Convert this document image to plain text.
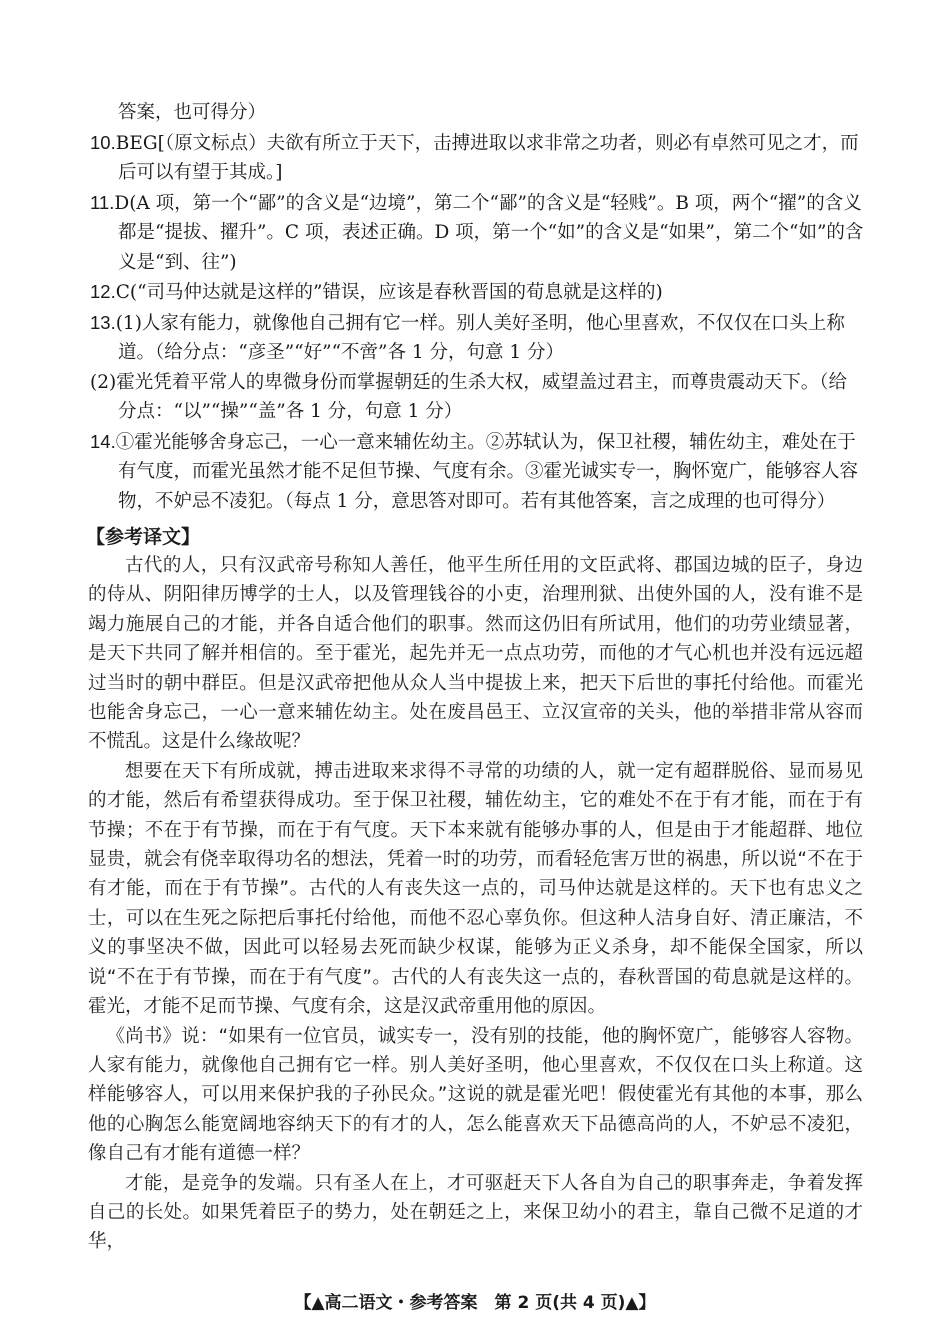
答案，也可得分）

10.BEG[（原文标点）夫欲有所立于天下，击搏进取以求非常之功者，则必有卓然可见之才，而后可以有望于其成。]

11.D(A 项，第一个“鄙”的含义是“边境”，第二个“鄙”的含义是“轻贱”。B 项，两个“擢”的含义都是“提拔、擢升”。C 项，表述正确。D 项，第一个“如”的含义是“如果”，第二个“如”的含义是“到、往”)

12.C(“司马仲达就是这样的”错误，应该是春秋晋国的荀息就是这样的)

13.(1)人家有能力，就像他自己拥有它一样。别人美好圣明，他心里喜欢，不仅仅在口头上称道。（给分点：“彦圣”“好”“不啻”各 1 分，句意 1 分）
(2)霍光凭着平常人的卑微身份而掌握朝廷的生杀大权，威望盖过君主，而尊贵震动天下。（给分点：“以”“操”“盖”各 1 分，句意 1 分）

14.①霍光能够舍身忘己，一心一意来辅佐幼主。②苏轼认为，保卫社稷，辅佐幼主，难处在于有气度，而霍光虽然才能不足但节操、气度有余。③霍光诚实专一，胸怀宽广，能够容人容物，不妒忌不凌犯。（每点 1 分，意思答对即可。若有其他答案，言之成理的也可得分）

【参考译文】

古代的人，只有汉武帝号称知人善任，他平生所任用的文臣武将、郡国边城的臣子，身边的侍从、阴阳律历博学的士人，以及管理钱谷的小吏，治理刑狱、出使外国的人，没有谁不是竭力施展自己的才能，并各自适合他们的职事。然而这仍旧有所试用，他们的功劳业绩显著，是天下共同了解并相信的。至于霍光，起先并无一点点功劳，而他的才气心机也并没有远远超过当时的朝中群臣。但是汉武帝把他从众人当中提拔上来，把天下后世的事托付给他。而霍光也能舍身忘己，一心一意来辅佐幼主。处在废昌邑王、立汉宣帝的关头，他的举措非常从容而不慌乱。这是什么缘故呢？

想要在天下有所成就，搏击进取来求得不寻常的功绩的人，就一定有超群脱俗、显而易见的才能，然后有希望获得成功。至于保卫社稷，辅佐幼主，它的难处不在于有才能，而在于有节操；不在于有节操，而在于有气度。天下本来就有能够办事的人，但是由于才能超群、地位显贵，就会有侥幸取得功名的想法，凭着一时的功劳，而看轻危害万世的祸患，所以说“不在于有才能，而在于有节操”。古代的人有丧失这一点的，司马仲达就是这样的。天下也有忠义之士，可以在生死之际把后事托付给他，而他不忍心辜负你。但这种人洁身自好、清正廉洁，不义的事坚决不做，因此可以轻易去死而缺少权谋，能够为正义杀身，却不能保全国家，所以说“不在于有节操，而在于有气度”。古代的人有丧失这一点的，春秋晋国的荀息就是这样的。霍光，才能不足而节操、气度有余，这是汉武帝重用他的原因。

《尚书》说：“如果有一位官员，诚实专一，没有别的技能，他的胸怀宽广，能够容人容物。人家有能力，就像他自己拥有它一样。别人美好圣明，他心里喜欢，不仅仅在口头上称道。这样能够容人，可以用来保护我的子孙民众。”这说的就是霍光吧！假使霍光有其他的本事，那么他的心胸怎么能宽阔地容纳天下的有才的人，怎么能喜欢天下品德高尚的人，不妒忌不凌犯，像自己有才能有道德一样？

才能，是竞争的发端。只有圣人在上，才可驱赶天下人各自为自己的职事奔走，争着发挥自己的长处。如果凭着臣子的势力，处在朝廷之上，来保卫幼小的君主，靠自己微不足道的才华，

【▲高二语文・参考答案　第 2 页(共 4 页)▲】
